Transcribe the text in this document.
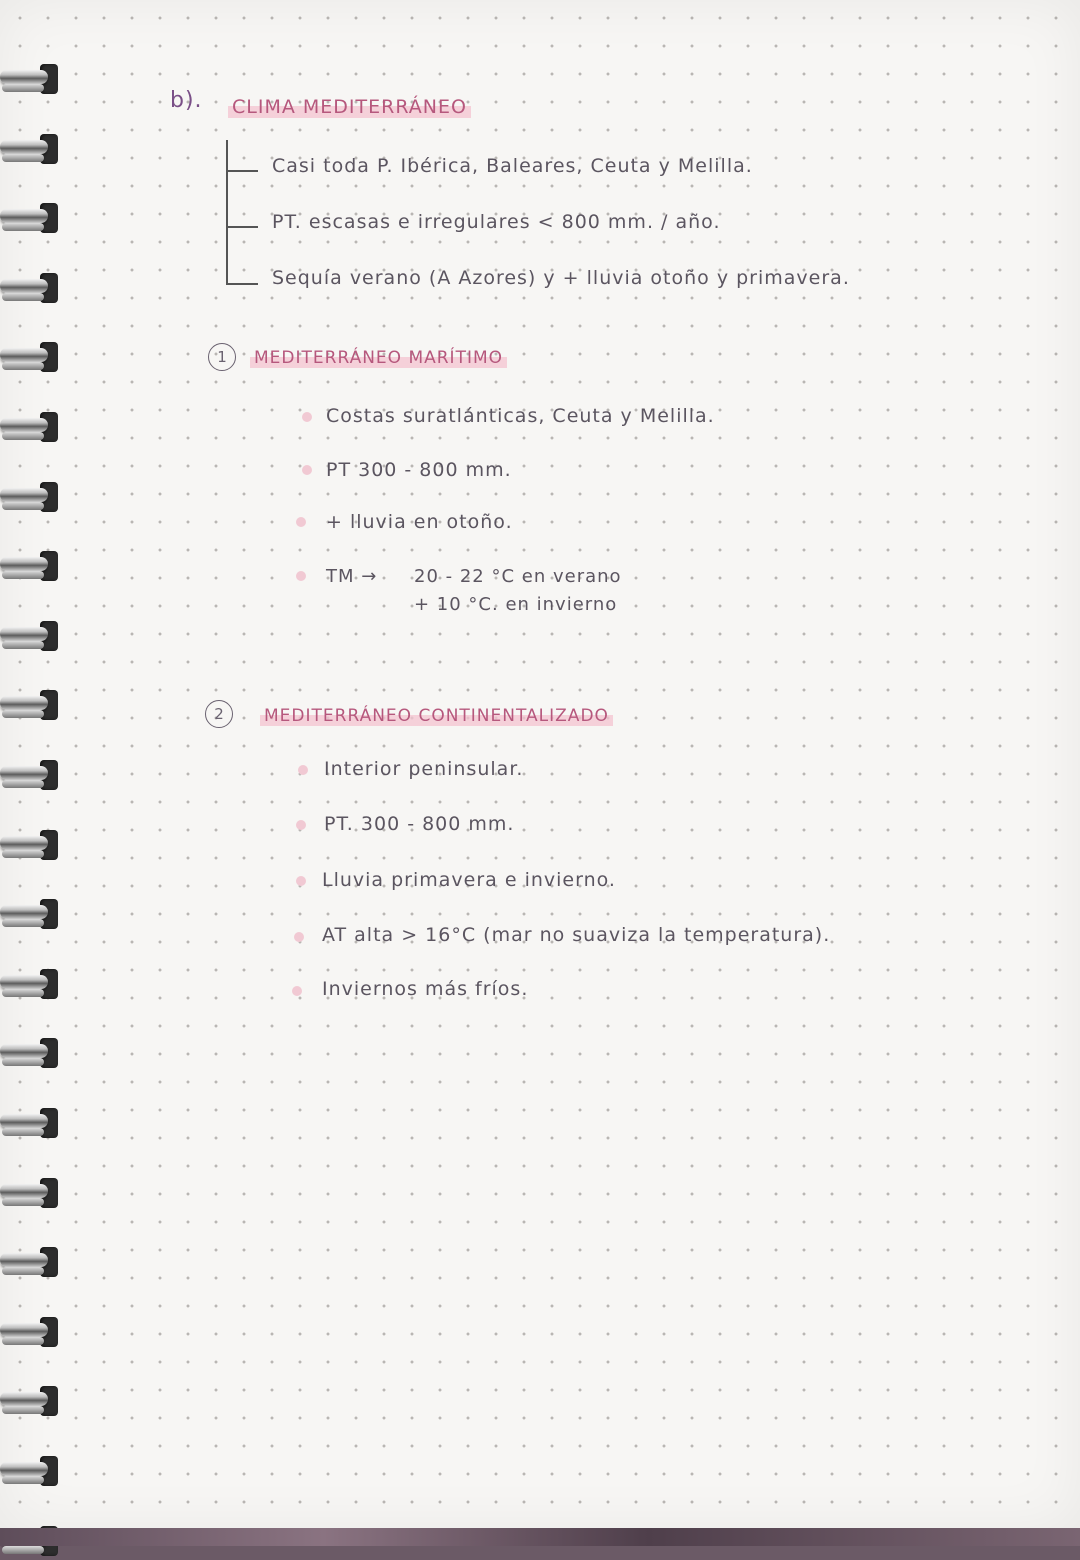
b). CLIMA MEDITERRÁNEO
Casi toda P. Ibérica, Baleares, Ceuta y Melilla.
PT. escasas e irregulares < 800 mm. / año.
Sequía verano (A Azores) y + lluvia otoño y primavera.
1	MEDITERRÁNEO MARÍTIMO
Costas suratlánticas, Ceuta y Melilla.
PT 300 - 800 mm.
+ lluvia en otoño.
TM → 20 - 22 °C en verano
+ 10 °C. en invierno
2	MEDITERRÁNEO CONTINENTALIZADO
Interior peninsular.
PT. 300 - 800 mm.
Lluvia primavera e invierno.
AT alta > 16°C (mar no suaviza la temperatura).
Inviernos más fríos.
